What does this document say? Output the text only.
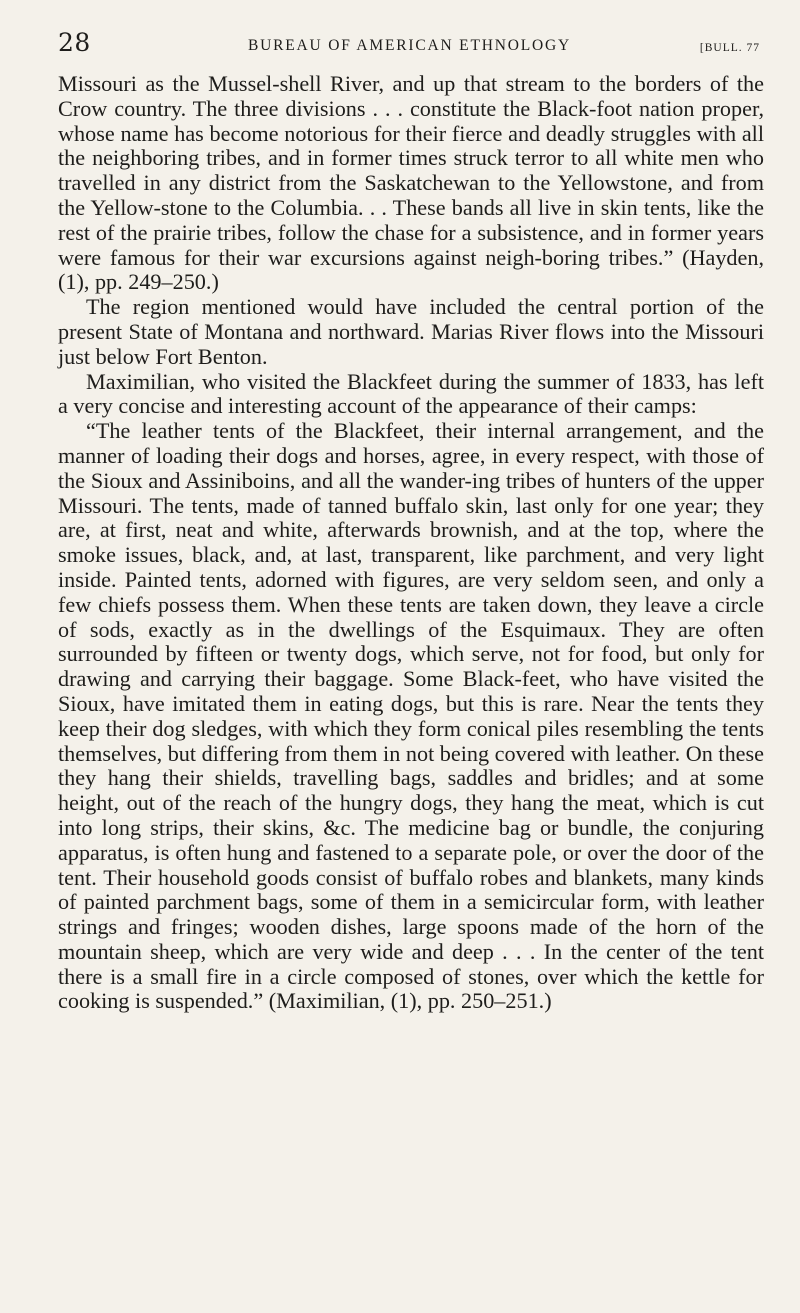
28	BUREAU OF AMERICAN ETHNOLOGY	[BULL. 77

Missouri as the Mussel-shell River, and up that stream to the borders of the Crow country. The three divisions . . . constitute the Black-foot nation proper, whose name has become notorious for their fierce and deadly struggles with all the neighboring tribes, and in former times struck terror to all white men who travelled in any district from the Saskatchewan to the Yellowstone, and from the Yellow-stone to the Columbia. . . These bands all live in skin tents, like the rest of the prairie tribes, follow the chase for a subsistence, and in former years were famous for their war excursions against neigh-boring tribes.” (Hayden, (1), pp. 249–250.)

The region mentioned would have included the central portion of the present State of Montana and northward. Marias River flows into the Missouri just below Fort Benton.

Maximilian, who visited the Blackfeet during the summer of 1833, has left a very concise and interesting account of the appearance of their camps:

“The leather tents of the Blackfeet, their internal arrangement, and the manner of loading their dogs and horses, agree, in every respect, with those of the Sioux and Assiniboins, and all the wander-ing tribes of hunters of the upper Missouri. The tents, made of tanned buffalo skin, last only for one year; they are, at first, neat and white, afterwards brownish, and at the top, where the smoke issues, black, and, at last, transparent, like parchment, and very light inside. Painted tents, adorned with figures, are very seldom seen, and only a few chiefs possess them. When these tents are taken down, they leave a circle of sods, exactly as in the dwellings of the Esquimaux. They are often surrounded by fifteen or twenty dogs, which serve, not for food, but only for drawing and carrying their baggage. Some Black-feet, who have visited the Sioux, have imitated them in eating dogs, but this is rare. Near the tents they keep their dog sledges, with which they form conical piles resembling the tents themselves, but differing from them in not being covered with leather. On these they hang their shields, travelling bags, saddles and bridles; and at some height, out of the reach of the hungry dogs, they hang the meat, which is cut into long strips, their skins, &c. The medicine bag or bundle, the conjuring apparatus, is often hung and fastened to a separate pole, or over the door of the tent. Their household goods consist of buffalo robes and blankets, many kinds of painted parchment bags, some of them in a semicircular form, with leather strings and fringes; wooden dishes, large spoons made of the horn of the mountain sheep, which are very wide and deep . . . In the center of the tent there is a small fire in a circle composed of stones, over which the kettle for cooking is suspended.” (Maximilian, (1), pp. 250–251.)
